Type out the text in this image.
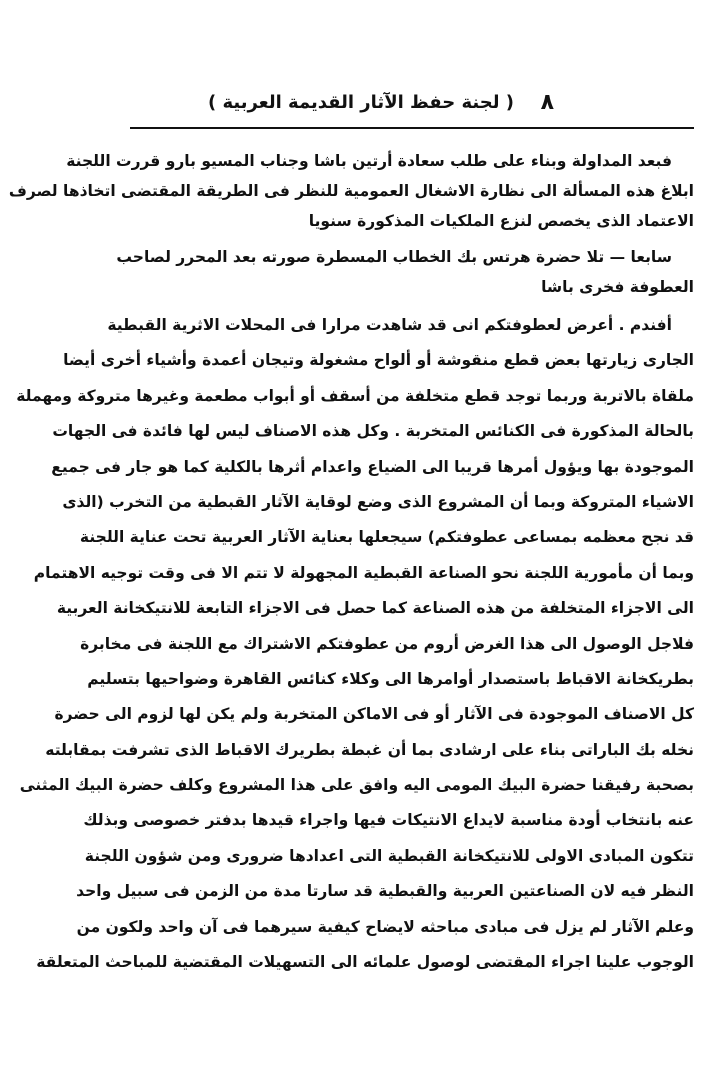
٨
( لجنة حفظ الآثار القديمة العربية )
فبعد المداولة وبناء على طلب سعادة أرتين باشا وجناب المسيو بارو قررت اللجنة
ابلاغ هذه المسألة الى نظارة الاشغال العمومية للنظر فى الطريقة المقتضى اتخاذها لصرف
الاعتماد الذى يخصص لنزع الملكيات المذكورة سنويا
سابعا — تلا حضرة هرتس بك الخطاب المسطرة صورته بعد المحرر لصاحب
العطوفة فخرى باشا
أفندم . أعرض لعطوفتكم انى قد شاهدت مرارا فى المحلات الاثرية القبطية
الجارى زيارتها بعض قطع منقوشة أو ألواح مشغولة وتيجان أعمدة وأشياء أخرى أيضا
ملقاة بالاتربة وربما توجد قطع متخلفة من أسقف أو أبواب مطعمة وغيرها متروكة ومهملة
بالحالة المذكورة فى الكنائس المتخربة . وكل هذه الاصناف ليس لها فائدة فى الجهات
الموجودة بها ويؤول أمرها قريبا الى الضياع واعدام أثرها بالكلية كما هو جار فى جميع
الاشياء المتروكة وبما أن المشروع الذى وضع لوقاية الآثار القبطية من التخرب (الذى
قد نجح معظمه بمساعى عطوفتكم) سيجعلها بعناية الآثار العربية تحت عناية اللجنة
وبما أن مأمورية اللجنة نحو الصناعة القبطية المجهولة لا تتم الا فى وقت توجيه الاهتمام
الى الاجزاء المتخلفة من هذه الصناعة كما حصل فى الاجزاء التابعة للانتيكخانة العربية
فلاجل الوصول الى هذا الغرض أروم من عطوفتكم الاشتراك مع اللجنة فى مخابرة
بطريكخانة الاقباط باستصدار أوامرها الى وكلاء كنائس القاهرة وضواحيها بتسليم
كل الاصناف الموجودة فى الآثار أو فى الاماكن المتخربة ولم يكن لها لزوم الى حضرة
نخله بك الباراتى بناء على ارشادى بما أن غبطة بطريرك الاقباط الذى تشرفت بمقابلته
بصحبة رفيقنا حضرة البيك المومى اليه وافق على هذا المشروع وكلف حضرة البيك المثنى
عنه بانتخاب أودة مناسبة لايداع الانتيكات فيها واجراء قيدها بدفتر خصوصى وبذلك
تتكون المبادى الاولى للانتيكخانة القبطية التى اعدادها ضرورى ومن شؤون اللجنة
النظر فيه لان الصناعتين العربية والقبطية قد سارتا مدة من الزمن فى سبيل واحد
وعلم الآثار لم يزل فى مبادى مباحثه لايضاح كيفية سيرهما فى آن واحد ولكون من
الوجوب علينا اجراء المقتضى لوصول علمائه الى التسهيلات المقتضية للمباحث المتعلقة
